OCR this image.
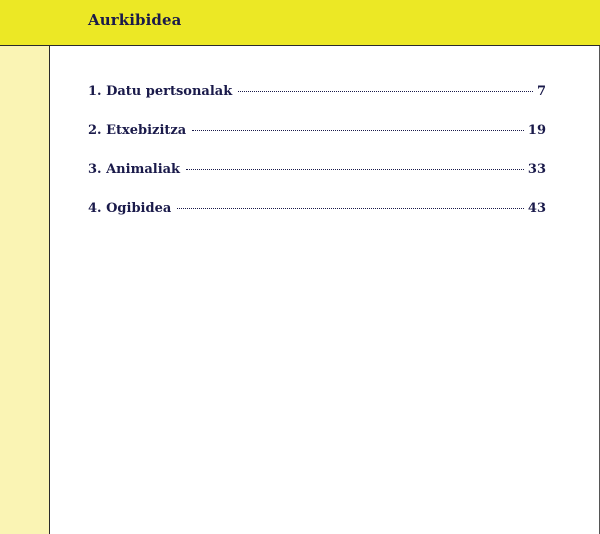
Aurkibidea
1. Datu pertsonalak	7
2. Etxebizitza	19
3. Animaliak	33
4. Ogibidea	43
